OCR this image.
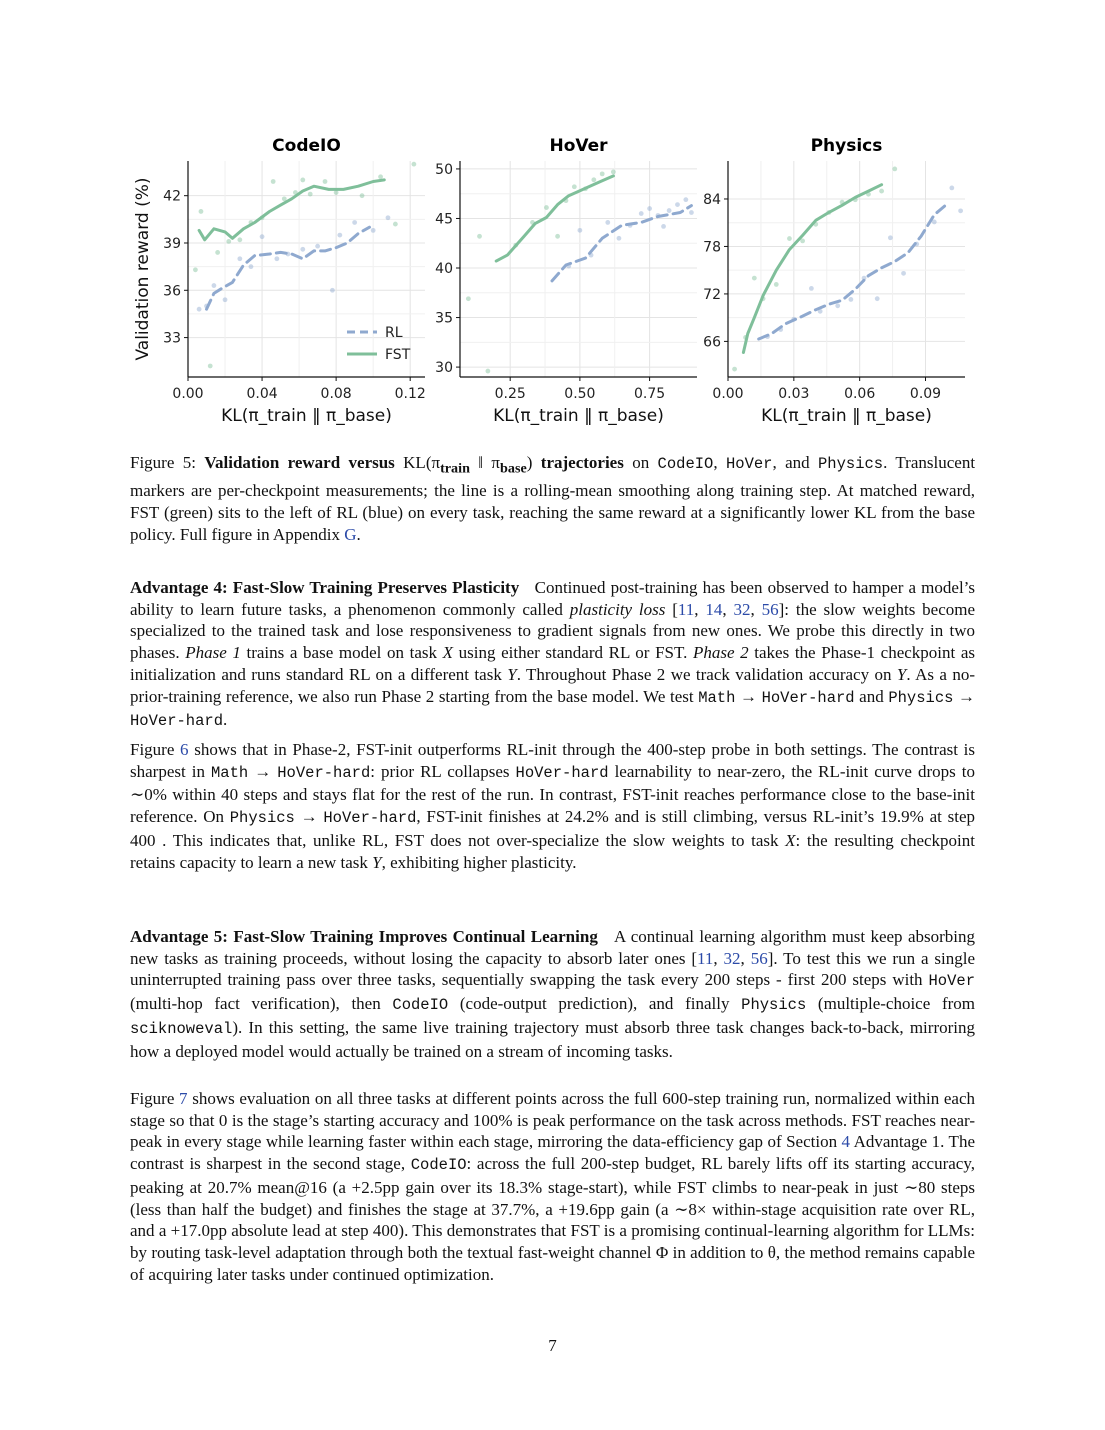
0.00	0.04	0.08	0.12
33
36
39
42
CodeIO
KL(π_train ‖ π_base)
Validation reward (%)	RL
FST
0.25	0.50	0.75
30
35
40
45
50
HoVer
KL(π_train ‖ π_base)
0.00 0.03 0.06 0.09
66
72
78
84
Physics
KL(π_train ‖ π_base)
Figure 5: Validation reward versus $KL(\pi_{train}$ ‖ $\pi_{base}$) trajectories on CodeIO, HoVer, and Physics. Translucent markers are per-checkpoint measurements; the line is a rolling-mean smoothing along training step. At matched reward, FST (green) sits to the left of RL (blue) on every task, reaching the same reward at a significantly lower KL from the base policy. Full figure in Appendix G.
Advantage 4: Fast-Slow Training Preserves Plasticity Continued post-training has been observed to hamper a model’s ability to learn future tasks, a phenomenon commonly called plasticity loss [11, 14, 32, 56]: the slow weights become specialized to the trained task and lose responsiveness to gradient signals from new ones. We probe this directly in two phases. Phase 1 trains a base model on task X using either standard RL or FST. Phase 2 takes the Phase-1 checkpoint as initialization and runs standard RL on a different task Y. Throughout Phase 2 we track validation accuracy on Y. As a no-prior-training reference, we also run Phase 2 starting from the base model. We test Math → HoVer-hard and Physics → HoVer-hard.
Figure 6 shows that in Phase-2, FST-init outperforms RL-init through the 400-step probe in both settings. The contrast is sharpest in Math → HoVer-hard: prior RL collapses HoVer-hard learnability to near-zero, the RL-init curve drops to ∼0% within 40 steps and stays flat for the rest of the run. In contrast, FST-init reaches performance close to the base-init reference. On Physics → HoVer-hard, FST-init finishes at 24.2% and is still climbing, versus RL-init’s 19.9% at step 400 . This indicates that, unlike RL, FST does not over-specialize the slow weights to task X: the resulting checkpoint retains capacity to learn a new task Y, exhibiting higher plasticity.
Advantage 5: Fast-Slow Training Improves Continual Learning A continual learning algorithm must keep absorbing new tasks as training proceeds, without losing the capacity to absorb later ones [11, 32, 56]. To test this we run a single uninterrupted training pass over three tasks, sequentially swapping the task every 200 steps - first 200 steps with HoVer (multi-hop fact verification), then CodeIO (code-output prediction), and finally Physics (multiple-choice from sciknoweval). In this setting, the same live training trajectory must absorb three task changes back-to-back, mirroring how a deployed model would actually be trained on a stream of incoming tasks.
Figure 7 shows evaluation on all three tasks at different points across the full 600-step training run, normalized within each stage so that 0 is the stage’s starting accuracy and 100% is peak performance on the task across methods. FST reaches near-peak in every stage while learning faster within each stage, mirroring the data-efficiency gap of Section 4 Advantage 1. The contrast is sharpest in the second stage, CodeIO: across the full 200-step budget, RL barely lifts off its starting accuracy, peaking at 20.7% mean@16 (a +2.5pp gain over its 18.3% stage-start), while FST climbs to near-peak in just ∼80 steps (less than half the budget) and finishes the stage at 37.7%, a +19.6pp gain (a ∼8× within-stage acquisition rate over RL, and a +17.0pp absolute lead at step 400). This demonstrates that FST is a promising continual-learning algorithm for LLMs: by routing task-level adaptation through both the textual fast-weight channel Φ in addition to θ, the method remains capable of acquiring later tasks under continued optimization.
7
